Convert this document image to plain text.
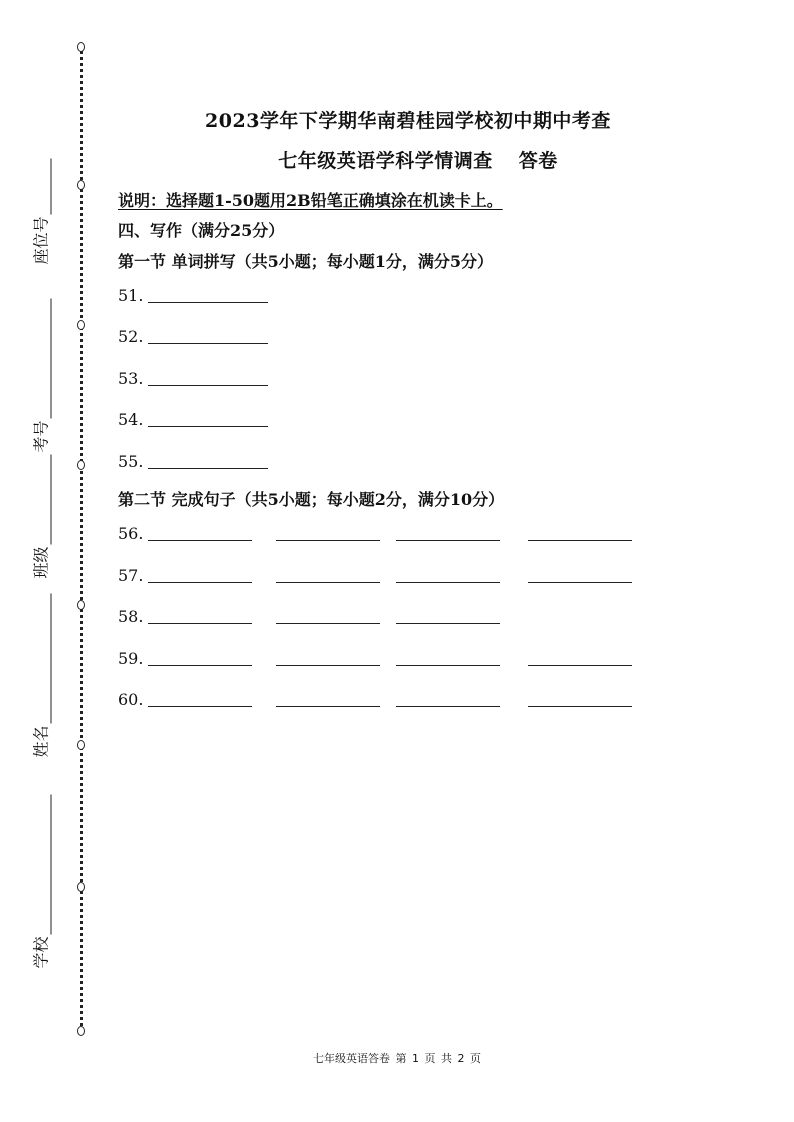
座位号
考号
班级
姓名
学校
2023学年下学期华南碧桂园学校初中期中考查
七年级英语学科学情调查 答卷
说明：选择题1-50题用2B铅笔正确填涂在机读卡上。
四、写作（满分25分）
第一节 单词拼写（共5小题；每小题1分，满分5分）
51.
52.
53.
54.
55.
第二节 完成句子（共5小题；每小题2分，满分10分）
56.
57.
58.
59.
60.
七年级英语答卷 第 1 页 共 2 页
